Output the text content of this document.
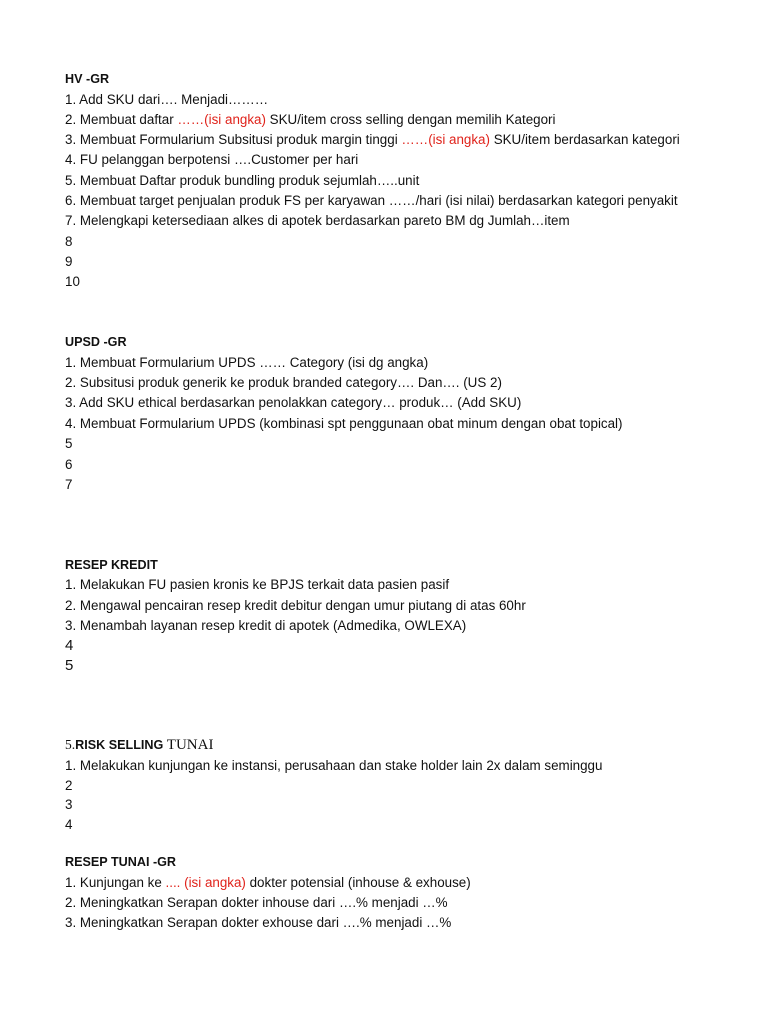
HV -GR
1. Add SKU dari…. Menjadi………
2. Membuat daftar ……(isi angka) SKU/item cross selling dengan memilih Kategori
3. Membuat Formularium Subsitusi produk margin tinggi ……(isi angka) SKU/item berdasarkan kategori
4. FU pelanggan berpotensi ….Customer per hari
5. Membuat Daftar produk bundling produk sejumlah…..unit
6. Membuat target penjualan produk FS per karyawan ……/hari (isi nilai) berdasarkan kategori penyakit
7. Melengkapi ketersediaan alkes di apotek berdasarkan pareto BM dg Jumlah…item
8
9
10
UPSD -GR
1. Membuat Formularium UPDS …… Category (isi dg angka)
2. Subsitusi produk generik ke produk branded category…. Dan…. (US 2)
3. Add SKU ethical berdasarkan penolakkan category… produk… (Add SKU)
4. Membuat Formularium UPDS (kombinasi spt penggunaan obat minum dengan obat topical)
5
6
7
RESEP KREDIT
1. Melakukan FU pasien kronis ke BPJS terkait data pasien pasif
2. Mengawal pencairan resep kredit debitur dengan umur piutang di atas 60hr
3. Menambah layanan resep kredit di apotek (Admedika, OWLEXA)
4
5
5.RISK SELLING TUNAI
1. Melakukan kunjungan ke instansi, perusahaan dan stake holder lain 2x dalam seminggu
2
3
4
RESEP TUNAI -GR
1. Kunjungan ke .... (isi angka) dokter potensial (inhouse & exhouse)
2. Meningkatkan Serapan dokter inhouse dari ….% menjadi …%
3. Meningkatkan Serapan dokter exhouse dari ….% menjadi …%
